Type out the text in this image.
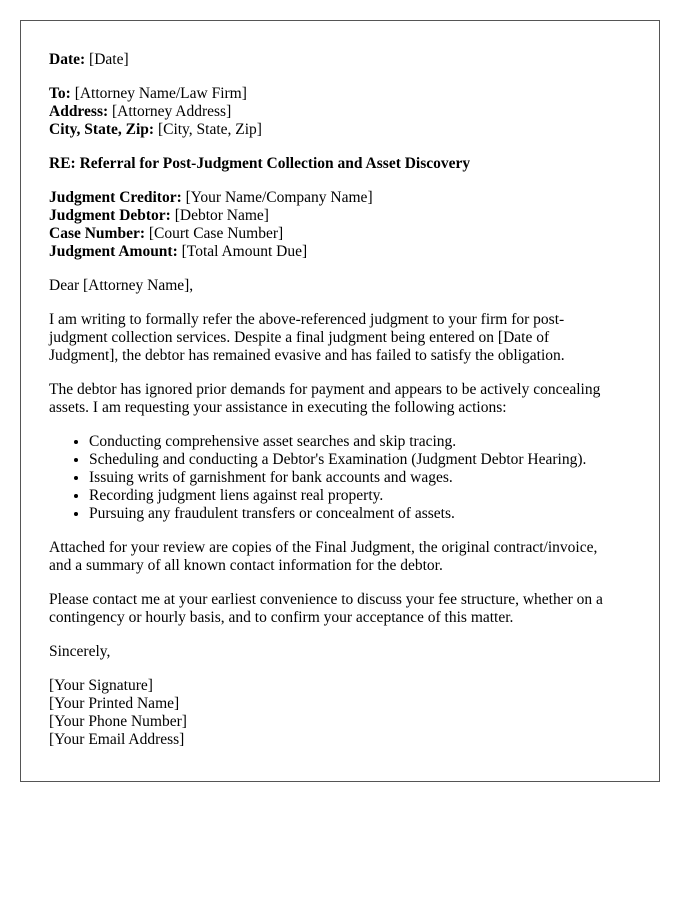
Date: [Date]

To: [Attorney Name/Law Firm]

Address: [Attorney Address]

City, State, Zip: [City, State, Zip]

RE: Referral for Post-Judgment Collection and Asset Discovery

Judgment Creditor: [Your Name/Company Name]

Judgment Debtor: [Debtor Name]

Case Number: [Court Case Number]

Judgment Amount: [Total Amount Due]

Dear [Attorney Name],

I am writing to formally refer the above-referenced judgment to your firm for post-

judgment collection services. Despite a final judgment being entered on [Date of

Judgment], the debtor has remained evasive and has failed to satisfy the obligation.

The debtor has ignored prior demands for payment and appears to be actively concealing

assets. I am requesting your assistance in executing the following actions:

• Conducting comprehensive asset searches and skip tracing.
• Scheduling and conducting a Debtor's Examination (Judgment Debtor Hearing).
• Issuing writs of garnishment for bank accounts and wages.
• Recording judgment liens against real property.
• Pursuing any fraudulent transfers or concealment of assets.

Attached for your review are copies of the Final Judgment, the original contract/invoice,

and a summary of all known contact information for the debtor.

Please contact me at your earliest convenience to discuss your fee structure, whether on a

contingency or hourly basis, and to confirm your acceptance of this matter.

Sincerely,

[Your Signature]

[Your Printed Name]

[Your Phone Number]

[Your Email Address]
